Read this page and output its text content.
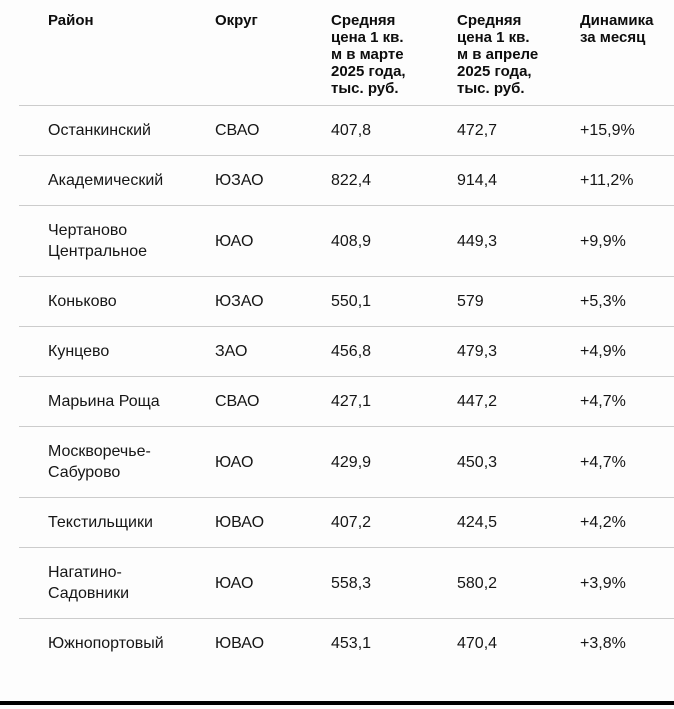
Район	Округ	Средняя цена 1 кв. м в марте 2025 года, тыс. руб.	Средняя цена 1 кв. м в апреле 2025 года, тыс. руб.	Динамика за месяц

Останкинский	СВАО	407,8	472,7	+15,9%
Академический	ЮЗАО	822,4	914,4	+11,2%
Чертаново Центральное	ЮАО	408,9	449,3	+9,9%
Коньково	ЮЗАО	550,1	579	+5,3%
Кунцево	ЗАО	456,8	479,3	+4,9%
Марьина Роща	СВАО	427,1	447,2	+4,7%
Москворечье-Сабурово	ЮАО	429,9	450,3	+4,7%
Текстильщики	ЮВАО	407,2	424,5	+4,2%
Нагатино-Садовники	ЮАО	558,3	580,2	+3,9%
Южнопортовый	ЮВАО	453,1	470,4	+3,8%
